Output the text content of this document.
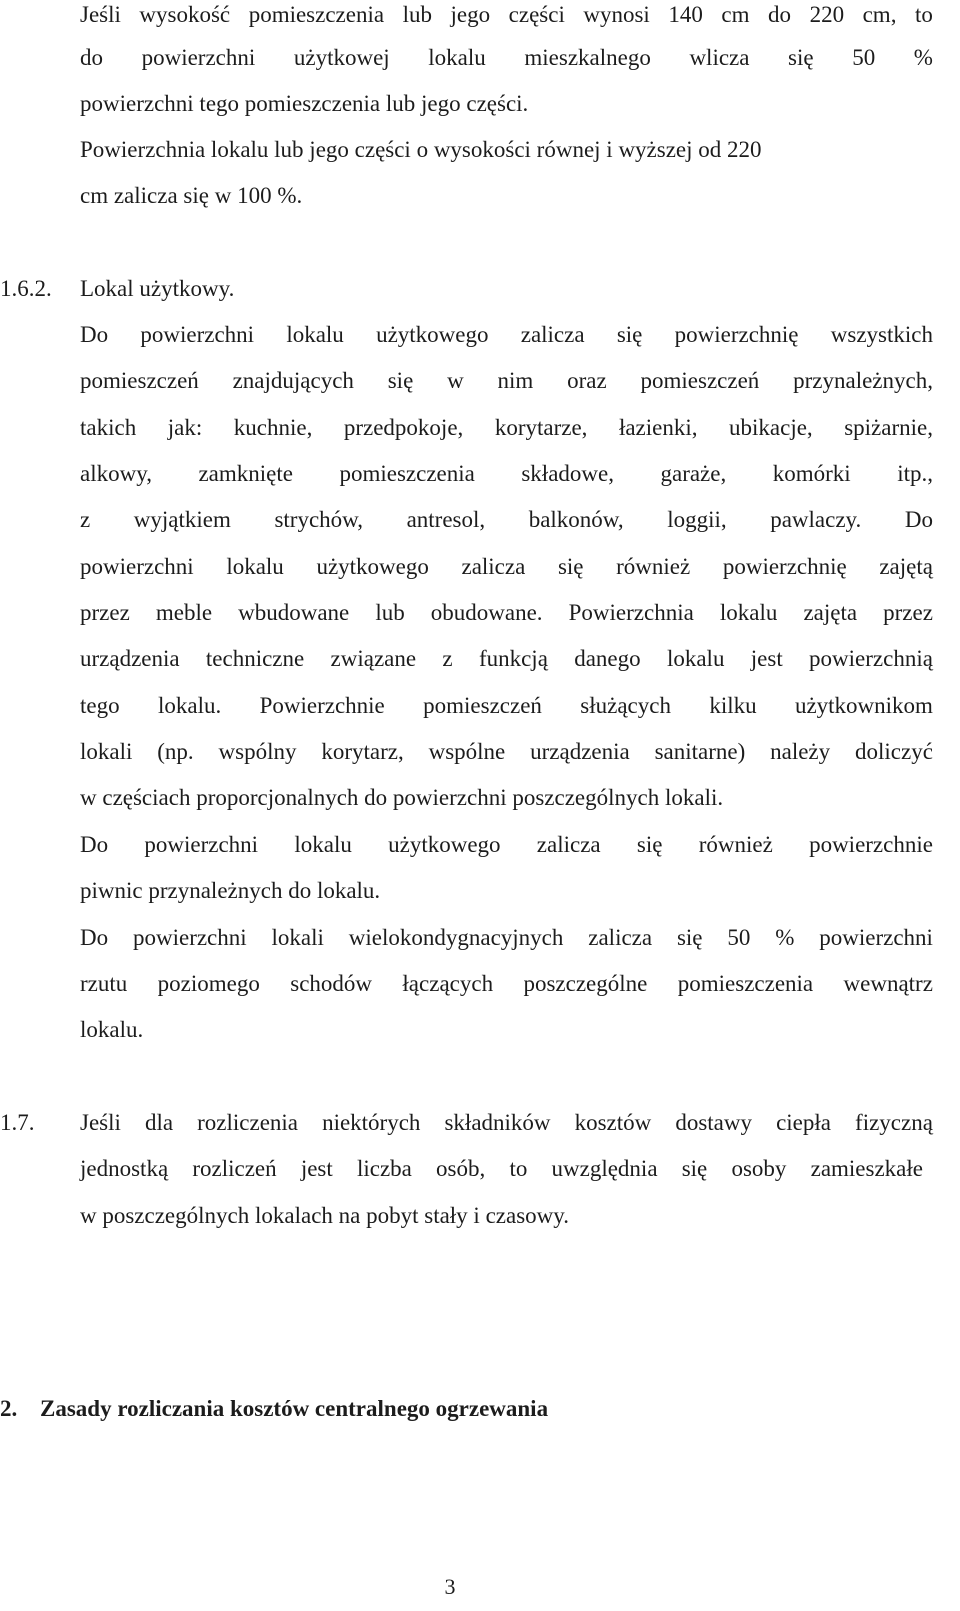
Jeśli wysokość pomieszczenia lub jego części wynosi 140 cm do 220 cm, to
do powierzchni użytkowej lokalu mieszkalnego wlicza się 50 %
powierzchni tego pomieszczenia lub jego części.
Powierzchnia lokalu lub jego części o wysokości równej i wyższej od 220
cm zalicza się w 100 %.
1.6.2. Lokal użytkowy.
Do powierzchni lokalu użytkowego zalicza się powierzchnię wszystkich
pomieszczeń znajdujących się w nim oraz pomieszczeń przynależnych,
takich jak: kuchnie, przedpokoje, korytarze, łazienki, ubikacje, spiżarnie,
alkowy, zamknięte pomieszczenia składowe, garaże, komórki itp.,
z wyjątkiem strychów, antresol, balkonów, loggii, pawlaczy. Do
powierzchni lokalu użytkowego zalicza się również powierzchnię zajętą
przez meble wbudowane lub obudowane. Powierzchnia lokalu zajęta przez
urządzenia techniczne związane z funkcją danego lokalu jest powierzchnią
tego lokalu. Powierzchnie pomieszczeń służących kilku użytkownikom
lokali (np. wspólny korytarz, wspólne urządzenia sanitarne) należy doliczyć
w częściach proporcjonalnych do powierzchni poszczególnych lokali.
Do powierzchni lokalu użytkowego zalicza się również powierzchnie
piwnic przynależnych do lokalu.
Do powierzchni lokali wielokondygnacyjnych zalicza się 50 % powierzchni
rzutu poziomego schodów łączących poszczególne pomieszczenia wewnątrz
lokalu.
1.7. Jeśli dla rozliczenia niektórych składników kosztów dostawy ciepła fizyczną
jednostką rozliczeń jest liczba osób, to uwzględnia się osoby zamieszkałe
w poszczególnych lokalach na pobyt stały i czasowy.
2. Zasady rozliczania kosztów centralnego ogrzewania
3
